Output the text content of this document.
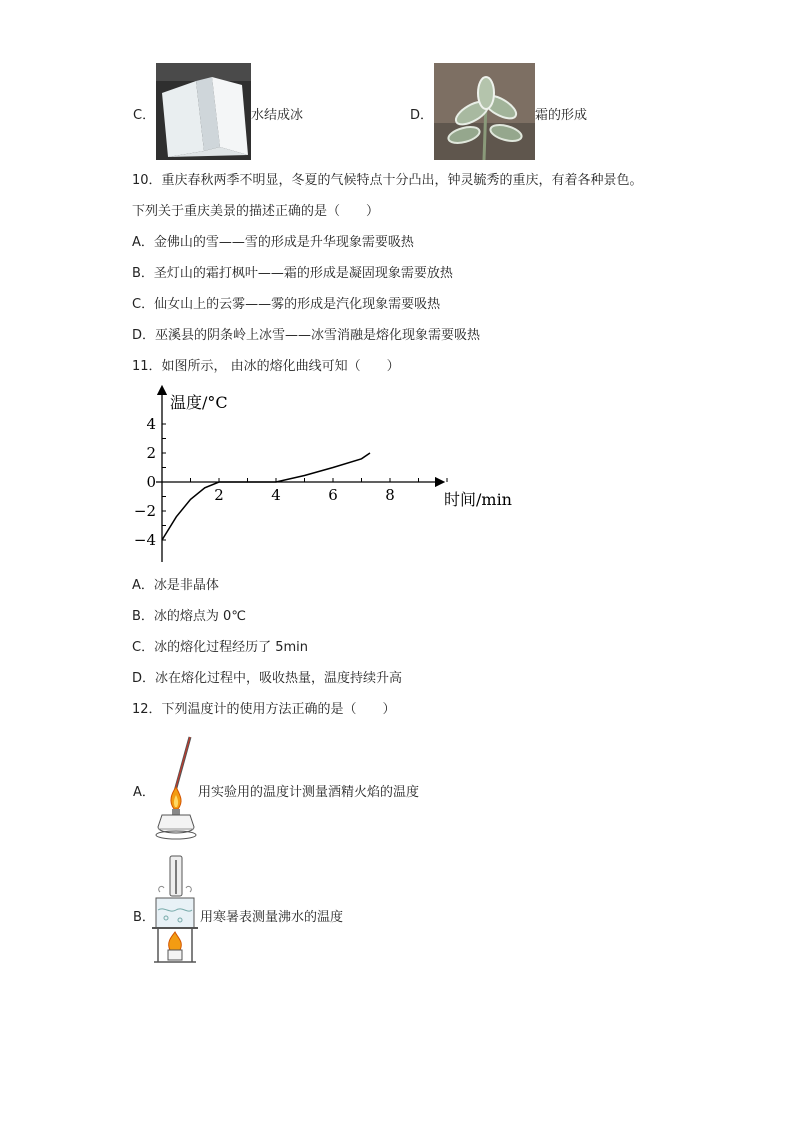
C．	水结成冰	D．	霜的形成
10．重庆春秋两季不明显，冬夏的气候特点十分凸出，钟灵毓秀的重庆，有着各种景色。
下列关于重庆美景的描述正确的是（　　）
A．金佛山的雪——雪的形成是升华现象需要吸热
B．圣灯山的霜打枫叶——霜的形成是凝固现象需要放热
C．仙女山上的云雾——雾的形成是汽化现象需要吸热
D．巫溪县的阴条岭上冰雪——冰雪消融是熔化现象需要吸热
11．如图所示， 由冰的熔化曲线可知（　　）
温度/°C
时间/min
2	4	6	8
4
2
0
−2
−4
A．冰是非晶体
B．冰的熔点为 0℃
C．冰的熔化过程经历了 5min
D．冰在熔化过程中，吸收热量，温度持续升高
12．下列温度计的使用方法正确的是（　　）
A．	用实验用的温度计测量酒精火焰的温度
B．	用寒暑表测量沸水的温度
